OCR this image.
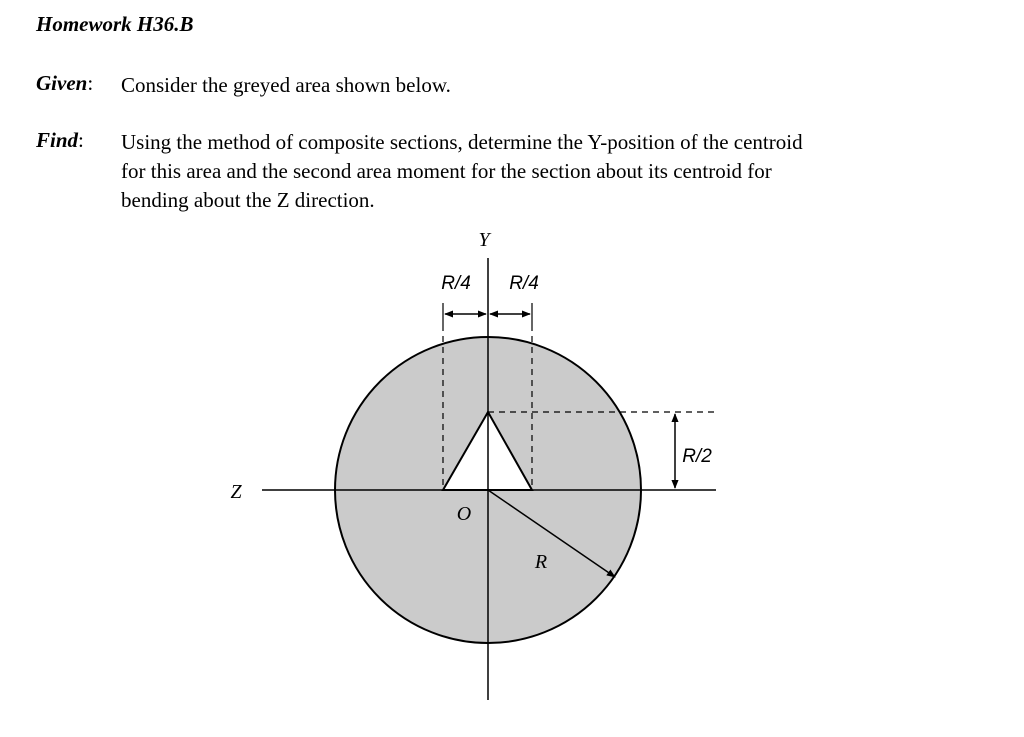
Homework H36.B
Given: Consider the greyed area shown below.
Find: Using the method of composite sections, determine the Y-position of the centroid
for this area and the second area moment for the section about its centroid for
bending about the Z direction.
Y
Z
O
R
R/4 R/4
R/2
